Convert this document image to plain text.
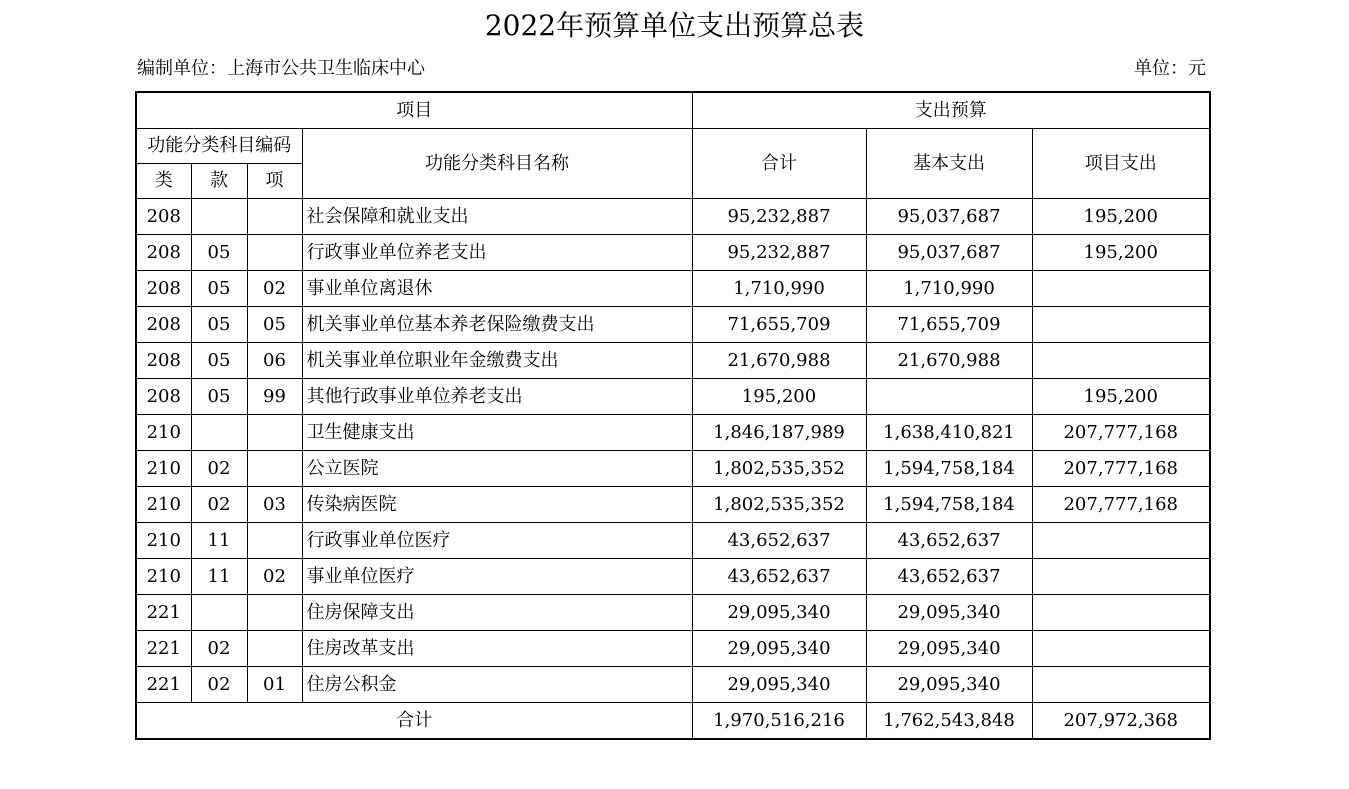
2022年预算单位支出预算总表
编制单位：上海市公共卫生临床中心	单位：元
项目				支出预算		
功能分类科目编码			功能分类科目名称	合计	基本支出	项目支出
类	款	项				
208			社会保障和就业支出	95,232,887	95,037,687	195,200
208	05		行政事业单位养老支出	95,232,887	95,037,687	195,200
208	05	02	事业单位离退休	1,710,990	1,710,990	
208	05	05	机关事业单位基本养老保险缴费支出	71,655,709	71,655,709	
208	05	06	机关事业单位职业年金缴费支出	21,670,988	21,670,988	
208	05	99	其他行政事业单位养老支出	195,200		195,200
210			卫生健康支出	1,846,187,989	1,638,410,821	207,777,168
210	02		公立医院	1,802,535,352	1,594,758,184	207,777,168
210	02	03	传染病医院	1,802,535,352	1,594,758,184	207,777,168
210	11		行政事业单位医疗	43,652,637	43,652,637	
210	11	02	事业单位医疗	43,652,637	43,652,637	
221			住房保障支出	29,095,340	29,095,340	
221	02		住房改革支出	29,095,340	29,095,340	
221	02	01	住房公积金	29,095,340	29,095,340	
合计				1,970,516,216	1,762,543,848	207,972,368
